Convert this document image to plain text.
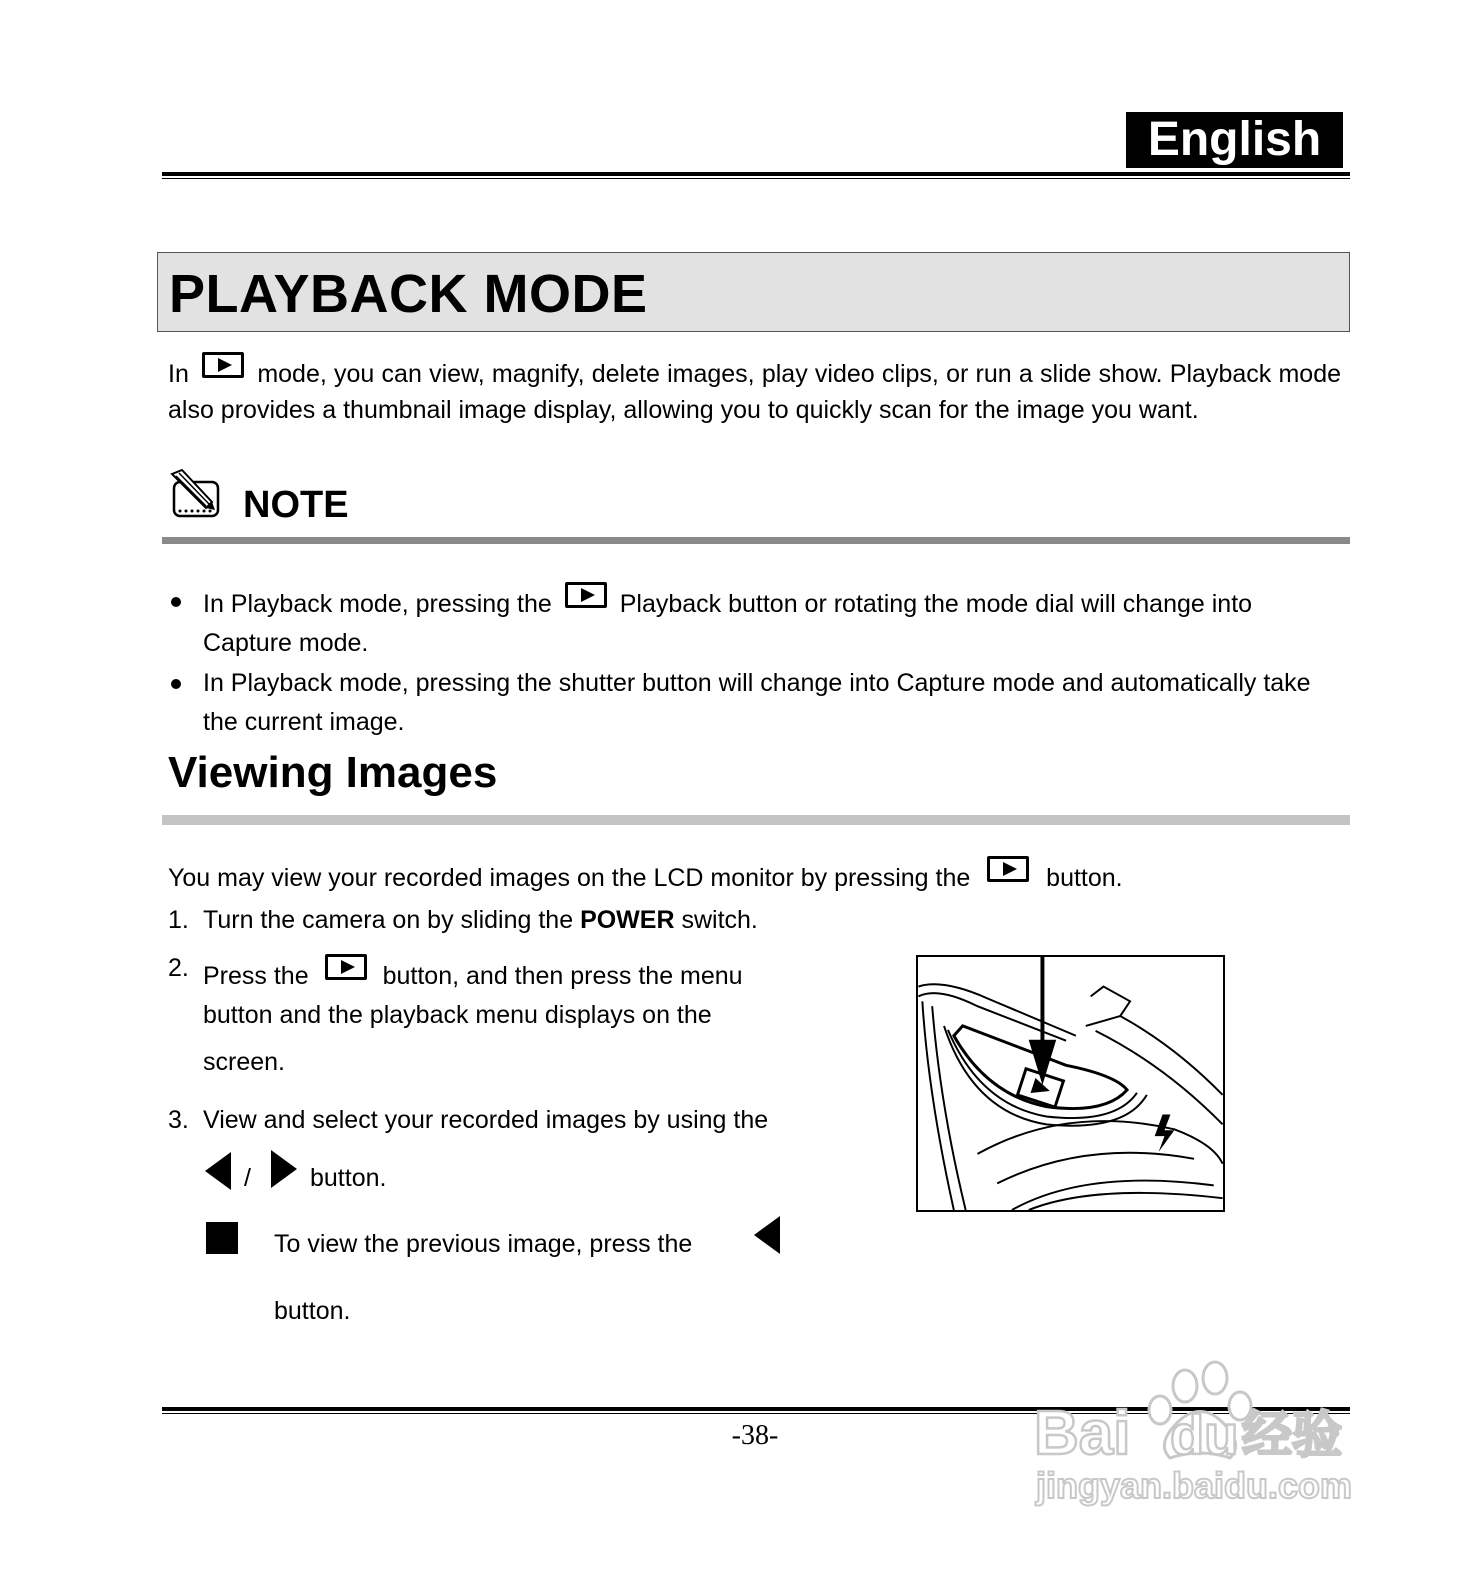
English
PLAYBACK MODE
In	mode, you can view, magnify, delete images, play video clips, or run a slide show. Playback mode also provides a thumbnail image display, allowing you to quickly scan for the image you want.
NOTE
In Playback mode, pressing the	Playback button or rotating the mode dial will change into Capture mode.
In Playback mode, pressing the shutter button will change into Capture mode and automatically take the current image.
Viewing Images
You may view your recorded images on the LCD monitor by pressing the	button.
1. Turn the camera on by sliding the POWER switch.
2. Press the	button, and then press the menu
button and the playback menu displays on the
screen.
3. View and select your recorded images by using the
/ button.
To view the previous image, press the
button.
-38-	Bai du 经验
jingyan.baidu.com
